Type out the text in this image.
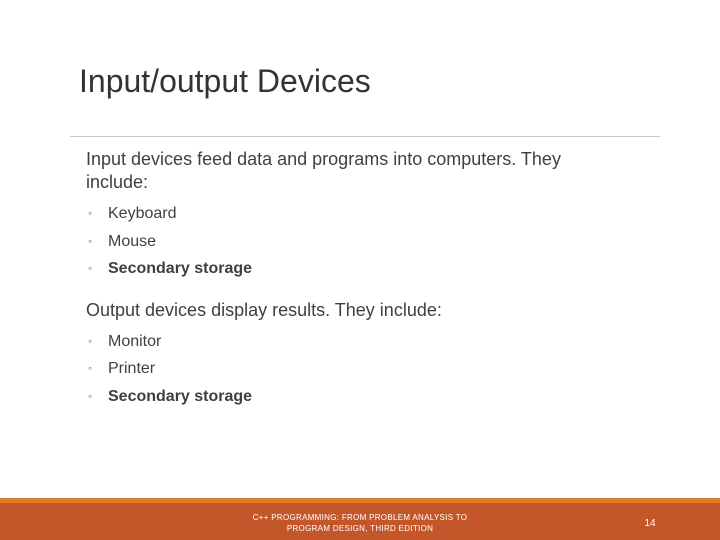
Input/output Devices

Input devices feed data and programs into computers. They include:

◦ Keyboard
◦ Mouse
◦ Secondary storage

Output devices display results. They include:

◦ Monitor
◦ Printer
◦ Secondary storage
C++ PROGRAMMING: FROM PROBLEM ANALYSIS TO
PROGRAM DESIGN, THIRD EDITION	14
